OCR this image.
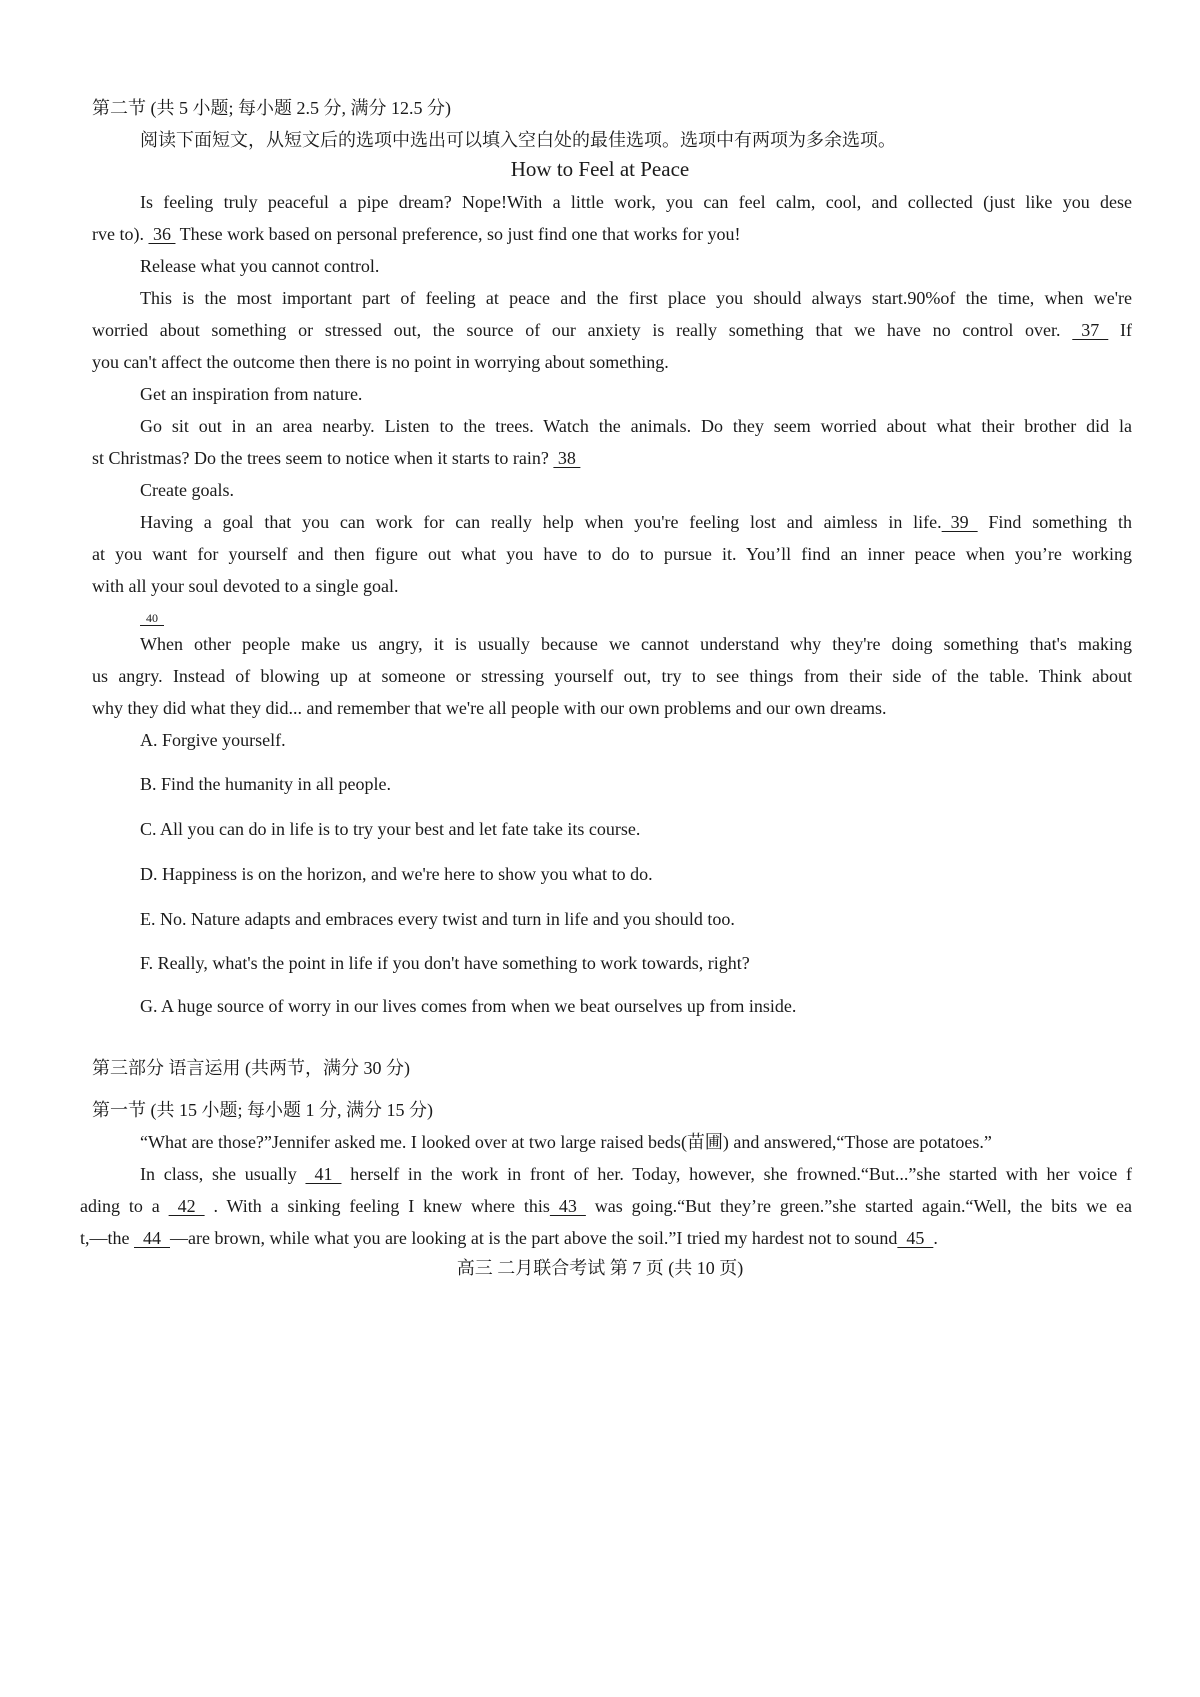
第二节 (共 5 小题; 每小题 2.5 分, 满分 12.5 分)
阅读下面短文，从短文后的选项中选出可以填入空白处的最佳选项。选项中有两项为多余选项。
How to Feel at Peace
Is feeling truly peaceful a pipe dream? Nope!With a little work, you can feel calm, cool, and collected (just like you dese
rve to).  36  These work based on personal preference, so just find one that works for you!
Release what you cannot control.
This is the most important part of feeling at peace and the first place you should always start.90%of the time, when we're
worried about something or stressed out, the source of our anxiety is really something that we have no control over.   37   If
you can't affect the outcome then there is no point in worrying about something.
Get an inspiration from nature.
Go sit out in an area nearby. Listen to the trees. Watch the animals. Do they seem worried about what their brother did la
st Christmas? Do the trees seem to notice when it starts to rain?  38
Create goals.
Having a goal that you can work for can really help when you're feeling lost and aimless in life.  39   Find something th
at you want for yourself and then figure out what you have to do to pursue it. You’ll find an inner peace when you’re working
with all your soul devoted to a single goal.
40
When other people make us angry, it is usually because we cannot understand why they're doing something that's making
us angry. Instead of blowing up at someone or stressing yourself out, try to see things from their side of the table. Think about
why they did what they did... and remember that we're all people with our own problems and our own dreams.
A. Forgive yourself.
B. Find the humanity in all people.
C. All you can do in life is to try your best and let fate take its course.
D. Happiness is on the horizon, and we're here to show you what to do.
E. No. Nature adapts and embraces every twist and turn in life and you should too.
F. Really, what's the point in life if you don't have something to work towards, right?
G. A huge source of worry in our lives comes from when we beat ourselves up from inside.
第三部分 语言运用 (共两节，满分 30 分)
第一节 (共 15 小题; 每小题 1 分, 满分 15 分)
“What are those?”Jennifer asked me. I looked over at two large raised beds(苗圃) and answered,“Those are potatoes.”
In class, she usually   41   herself in the work in front of her. Today, however, she frowned.“But...”she started with her voice f
ading to a   42   . With a sinking feeling I knew where this  43   was going.“But they’re green.”she started again.“Well, the bits we ea
t,—the   44  —are brown, while what you are looking at is the part above the soil.”I tried my hardest not to sound  45  .
高三 二月联合考试 第 7 页 (共 10 页)
